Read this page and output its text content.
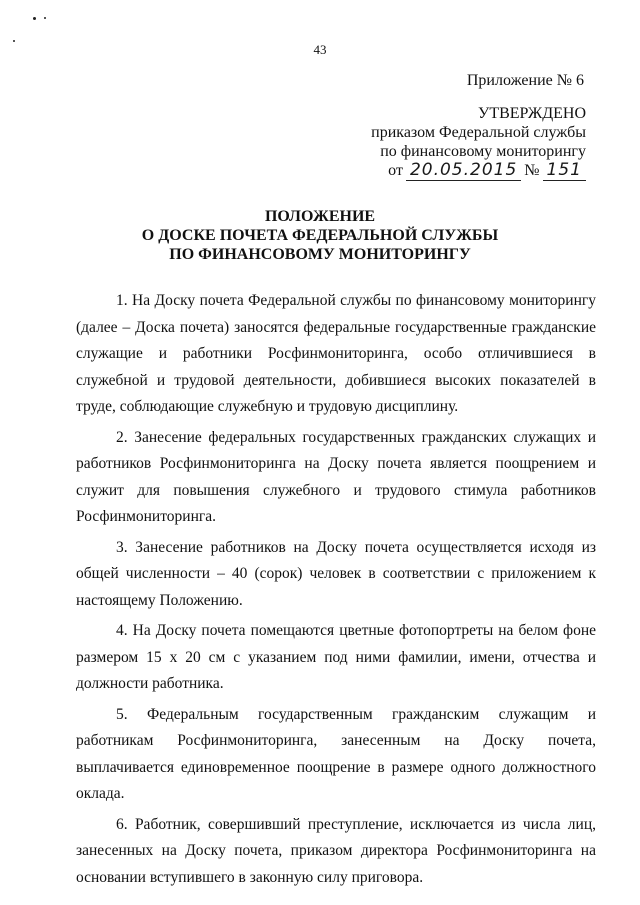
43
Приложение № 6
УТВЕРЖДЕНО
приказом Федеральной службы
по финансовому мониторингу
от 20.05.2015 № 151
ПОЛОЖЕНИЕ
О ДОСКЕ ПОЧЕТА ФЕДЕРАЛЬНОЙ СЛУЖБЫ
ПО ФИНАНСОВОМУ МОНИТОРИНГУ

1. На Доску почета Федеральной службы по финансовому мониторингу (далее – Доска почета) заносятся федеральные государственные гражданские служащие и работники Росфинмониторинга, особо отличившиеся в служебной и трудовой деятельности, добившиеся высоких показателей в труде, соблюдающие служебную и трудовую дисциплину.

2. Занесение федеральных государственных гражданских служащих и работников Росфинмониторинга на Доску почета является поощрением и служит для повышения служебного и трудового стимула работников Росфинмониторинга.

3. Занесение работников на Доску почета осуществляется исходя из общей численности – 40 (сорок) человек в соответствии с приложением к настоящему Положению.

4. На Доску почета помещаются цветные фотопортреты на белом фоне размером 15 х 20 см с указанием под ними фамилии, имени, отчества и должности работника.

5. Федеральным государственным гражданским служащим и работникам Росфинмониторинга, занесенным на Доску почета, выплачивается единовременное поощрение в размере одного должностного оклада.

6. Работник, совершивший преступление, исключается из числа лиц, занесенных на Доску почета, приказом директора Росфинмониторинга на основании вступившего в законную силу приговора.
